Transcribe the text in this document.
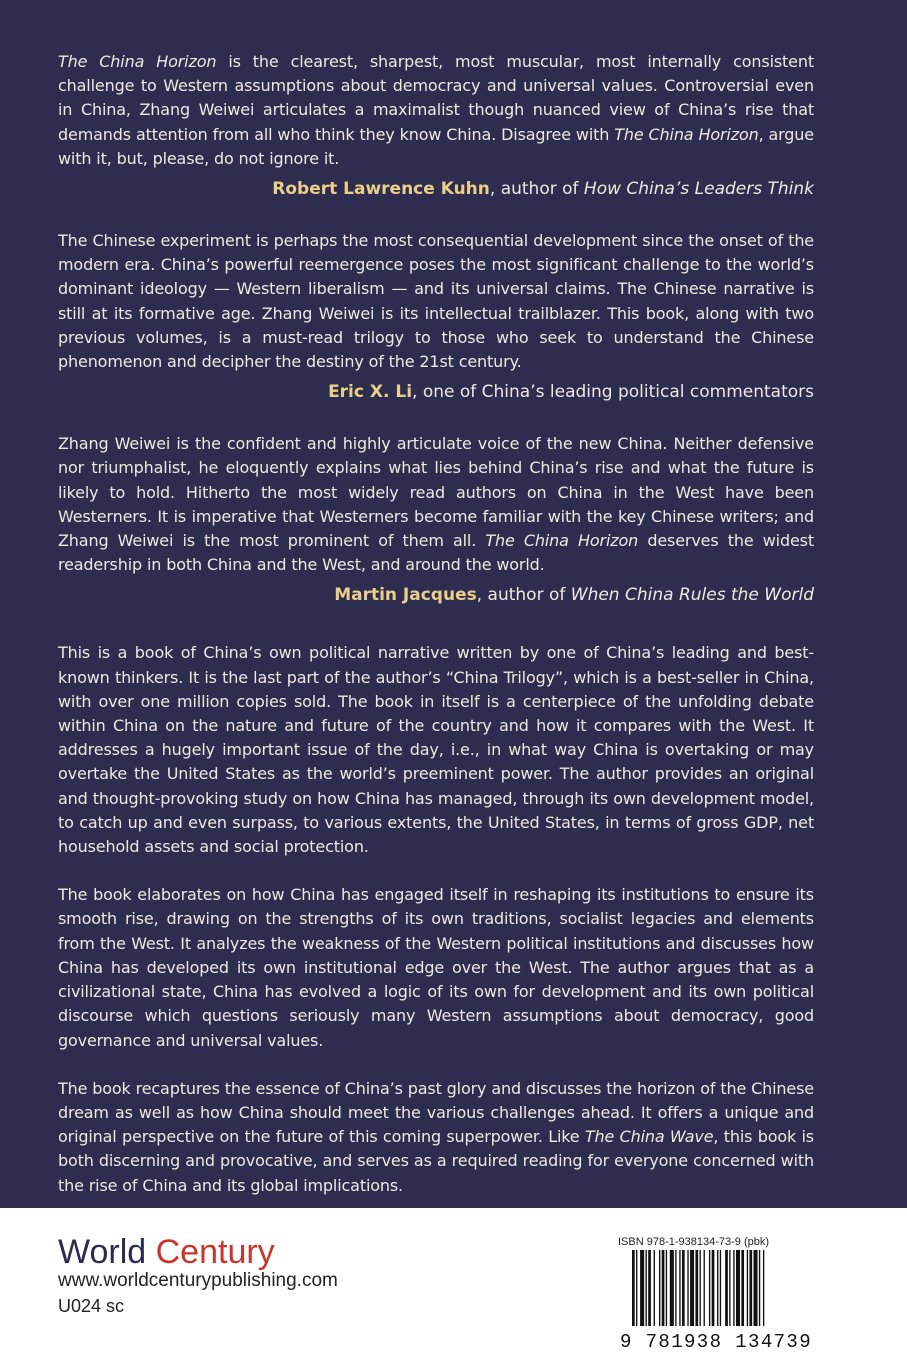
The China Horizon is the clearest, sharpest, most muscular, most internally consistent challenge to Western assumptions about democracy and universal values. Controversial even in China, Zhang Weiwei articulates a maximalist though nuanced view of China’s rise that demands attention from all who think they know China. Disagree with The China Horizon, argue with it, but, please, do not ignore it.

Robert Lawrence Kuhn, author of How China’s Leaders Think

The Chinese experiment is perhaps the most consequential development since the onset of the modern era. China’s powerful reemergence poses the most significant challenge to the world’s dominant ideology — Western liberalism — and its universal claims. The Chinese narrative is still at its formative age. Zhang Weiwei is its intellectual trailblazer. This book, along with two previous volumes, is a must-read trilogy to those who seek to understand the Chinese phenomenon and decipher the destiny of the 21st century.

Eric X. Li, one of China’s leading political commentators

Zhang Weiwei is the confident and highly articulate voice of the new China. Neither defensive nor triumphalist, he eloquently explains what lies behind China’s rise and what the future is likely to hold. Hitherto the most widely read authors on China in the West have been Westerners. It is imperative that Westerners become familiar with the key Chinese writers; and Zhang Weiwei is the most prominent of them all. The China Horizon deserves the widest readership in both China and the West, and around the world.

Martin Jacques, author of When China Rules the World

This is a book of China’s own political narrative written by one of China’s leading and best-known thinkers. It is the last part of the author’s “China Trilogy”, which is a best-seller in China, with over one million copies sold. The book in itself is a centerpiece of the unfolding debate within China on the nature and future of the country and how it compares with the West. It addresses a hugely important issue of the day, i.e., in what way China is overtaking or may overtake the United States as the world’s preeminent power. The author provides an original and thought-provoking study on how China has managed, through its own development model, to catch up and even surpass, to various extents, the United States, in terms of gross GDP, net household assets and social protection.

The book elaborates on how China has engaged itself in reshaping its institutions to ensure its smooth rise, drawing on the strengths of its own traditions, socialist legacies and elements from the West. It analyzes the weakness of the Western political institutions and discusses how China has developed its own institutional edge over the West. The author argues that as a civilizational state, China has evolved a logic of its own for development and its own political discourse which questions seriously many Western assumptions about democracy, good governance and universal values.

The book recaptures the essence of China’s past glory and discusses the horizon of the Chinese dream as well as how China should meet the various challenges ahead. It offers a unique and original perspective on the future of this coming superpower. Like The China Wave, this book is both discerning and provocative, and serves as a required reading for everyone concerned with the rise of China and its global implications.

World Century
www.worldcenturypublishing.com
U024 sc
ISBN 978-1-938134-73-9 (pbk)
9 781938 134739
